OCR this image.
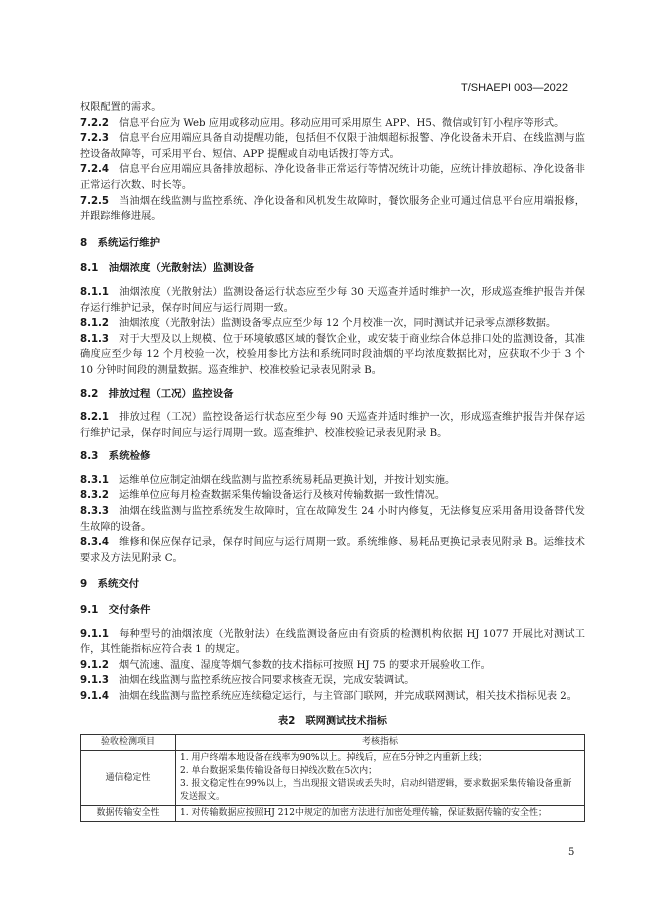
T/SHAEPI 003—2022

权限配置的需求。

7.2.2 信息平台应为 Web 应用或移动应用。移动应用可采用原生 APP、H5、微信或钉钉小程序等形式。

7.2.3 信息平台应用端应具备自动提醒功能，包括但不仅限于油烟超标报警、净化设备未开启、在线监测与监控设备故障等，可采用平台、短信、APP 提醒或自动电话拨打等方式。

7.2.4 信息平台应用端应具备排放超标、净化设备非正常运行等情况统计功能，应统计排放超标、净化设备非正常运行次数、时长等。

7.2.5 当油烟在线监测与监控系统、净化设备和风机发生故障时，餐饮服务企业可通过信息平台应用端报修，并跟踪维修进展。

8　系统运行维护
8.1　油烟浓度（光散射法）监测设备

8.1.1 油烟浓度（光散射法）监测设备运行状态应至少每 30 天巡查并适时维护一次，形成巡查维护报告并保存运行维护记录，保存时间应与运行周期一致。

8.1.2 油烟浓度（光散射法）监测设备零点应至少每 12 个月校准一次，同时测试并记录零点漂移数据。

8.1.3 对于大型及以上规模、位于环境敏感区域的餐饮企业，或安装于商业综合体总排口处的监测设备，其准确度应至少每 12 个月校验一次，校验用参比方法和系统同时段油烟的平均浓度数据比对，应获取不少于 3 个 10 分钟时间段的测量数据。巡查维护、校准校验记录表见附录 B。

8.2　排放过程（工况）监控设备

8.2.1 排放过程（工况）监控设备运行状态应至少每 90 天巡查并适时维护一次，形成巡查维护报告并保存运行维护记录，保存时间应与运行周期一致。巡查维护、校准校验记录表见附录 B。

8.3　系统检修

8.3.1 运维单位应制定油烟在线监测与监控系统易耗品更换计划，并按计划实施。

8.3.2 运维单位应每月检查数据采集传输设备运行及核对传输数据一致性情况。

8.3.3 油烟在线监测与监控系统发生故障时，宜在故障发生 24 小时内修复，无法修复应采用备用设备替代发生故障的设备。

8.3.4 维修和保应保存记录，保存时间应与运行周期一致。系统维修、易耗品更换记录表见附录 B。运维技术要求及方法见附录 C。

9　系统交付
9.1　交付条件

9.1.1 每种型号的油烟浓度（光散射法）在线监测设备应由有资质的检测机构依据 HJ 1077 开展比对测试工作，其性能指标应符合表 1 的规定。

9.1.2 烟气流速、温度、湿度等烟气参数的技术指标可按照 HJ 75 的要求开展验收工作。

9.1.3 油烟在线监测与监控系统应按合同要求核查无误，完成安装调试。

9.1.4 油烟在线监测与监控系统应连续稳定运行，与主管部门联网，并完成联网测试，相关技术指标见表 2。

表2　联网测试技术指标
验收检测项目	考核指标
通信稳定性	1. 用户终端本地设备在线率为90%以上。掉线后，应在5分钟之内重新上线；
2. 单台数据采集传输设备每日掉线次数在5次内；
3. 报文稳定性在99%以上，当出现报文错误或丢失时，启动纠错逻辑，要求数据采集传输设备重新发送报文。

数据传输安全性	1. 对传输数据应按照HJ 212中规定的加密方法进行加密处理传输，保证数据传输的安全性；
5
